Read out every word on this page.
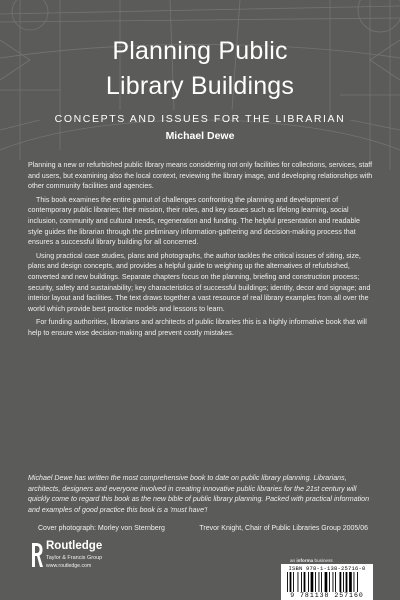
Planning Public
Library Buildings
CONCEPTS AND ISSUES FOR THE LIBRARIAN
Michael Dewe

Planning a new or refurbished public library means considering not only facilities for collections, services, staff and users, but examining also the local context, reviewing the library image, and developing relationships with other community facilities and agencies.

This book examines the entire gamut of challenges confronting the planning and development of contemporary public libraries; their mission, their roles, and key issues such as lifelong learning, social inclusion, community and cultural needs, regeneration and funding. The helpful presentation and readable style guides the librarian through the preliminary information-gathering and decision-making process that ensures a successful library building for all concerned.

Using practical case studies, plans and photographs, the author tackles the critical issues of siting, size, plans and design concepts, and provides a helpful guide to weighing up the alternatives of refurbished, converted and new buildings. Separate chapters focus on the planning, briefing and construction process; security, safety and sustainability; key characteristics of successful buildings; identity, decor and signage; and interior layout and facilities. The text draws together a vast resource of real library examples from all over the world which provide best practice models and lessons to learn.

For funding authorities, librarians and architects of public libraries this is a highly informative book that will help to ensure wise decision-making and prevent costly mistakes.

Michael Dewe has written the most comprehensive book to date on public library planning. Librarians, architects, designers and everyone involved in creating innovative public libraries for the 21st century will quickly come to regard this book as the new bible of public library planning. Packed with practical information and examples of good practice this book is a 'must have'!
Cover photograph: Morley von Sternberg	Trevor Knight, Chair of Public Libraries Group 2005/06
an informa business
Routledge
Taylor & Francis Group
www.routledge.com	ISBN 978-1-138-25716-0
9 781138 257160
